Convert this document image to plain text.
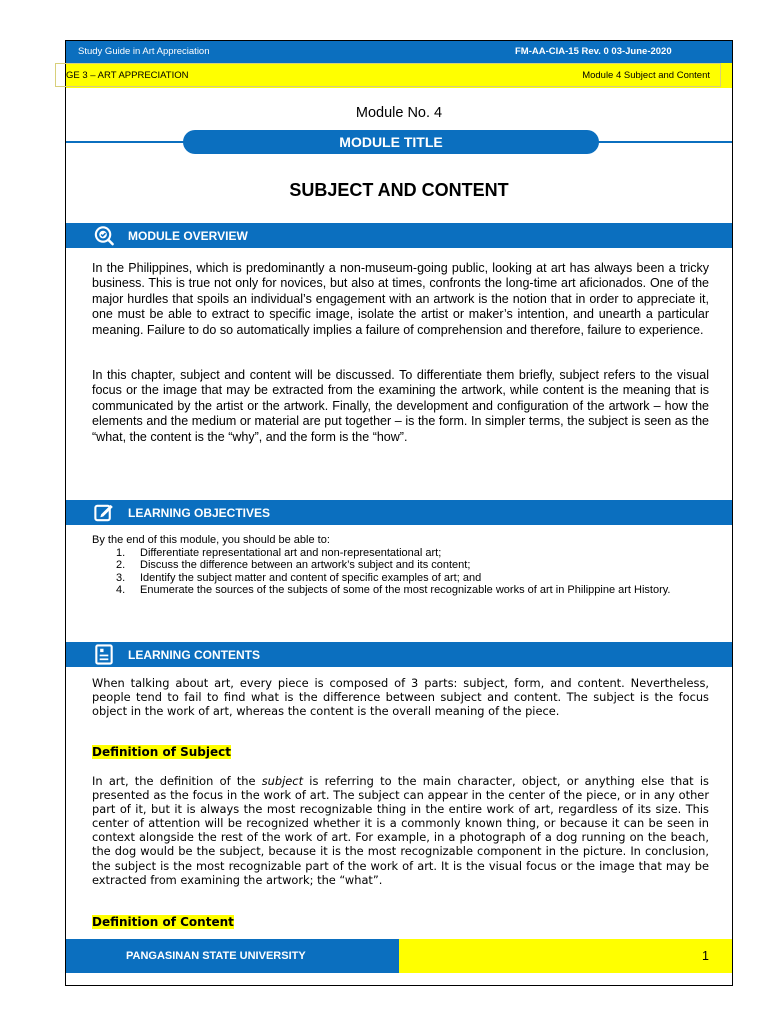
Study Guide in Art Appreciation	FM-AA-CIA-15 Rev. 0 03-June-2020
GE 3 – ART APPRECIATION	Module 4 Subject and Content
Module No. 4
MODULE TITLE
SUBJECT AND CONTENT
MODULE OVERVIEW
In the Philippines, which is predominantly a non-museum-going public, looking at art has always been a tricky business. This is true not only for novices, but also at times, confronts the long-time art aficionados. One of the major hurdles that spoils an individual’s engagement with an artwork is the notion that in order to appreciate it, one must be able to extract to specific image, isolate the artist or maker’s intention, and unearth a particular meaning. Failure to do so automatically implies a failure of comprehension and therefore, failure to experience.
In this chapter, subject and content will be discussed. To differentiate them briefly, subject refers to the visual focus or the image that may be extracted from the examining the artwork, while content is the meaning that is communicated by the artist or the artwork. Finally, the development and configuration of the artwork – how the elements and the medium or material are put together – is the form. In simpler terms, the subject is seen as the “what, the content is the “why”, and the form is the “how”.
LEARNING OBJECTIVES
By the end of this module, you should be able to:
1.	Differentiate representational art and non-representational art;
2.	Discuss the difference between an artwork’s subject and its content;
3.	Identify the subject matter and content of specific examples of art; and
4.	Enumerate the sources of the subjects of some of the most recognizable works of art in Philippine art History.
LEARNING CONTENTS
When talking about art, every piece is composed of 3 parts: subject, form, and content. Nevertheless, people tend to fail to find what is the difference between subject and content. The subject is the focus object in the work of art, whereas the content is the overall meaning of the piece.
Definition of Subject
In art, the definition of the subject is referring to the main character, object, or anything else that is presented as the focus in the work of art. The subject can appear in the center of the piece, or in any other part of it, but it is always the most recognizable thing in the entire work of art, regardless of its size. This center of attention will be recognized whether it is a commonly known thing, or because it can be seen in context alongside the rest of the work of art. For example, in a photograph of a dog running on the beach, the dog would be the subject, because it is the most recognizable component in the picture. In conclusion, the subject is the most recognizable part of the work of art. It is the visual focus or the image that may be extracted from examining the artwork; the “what”.
Definition of Content
PANGASINAN STATE UNIVERSITY	1
